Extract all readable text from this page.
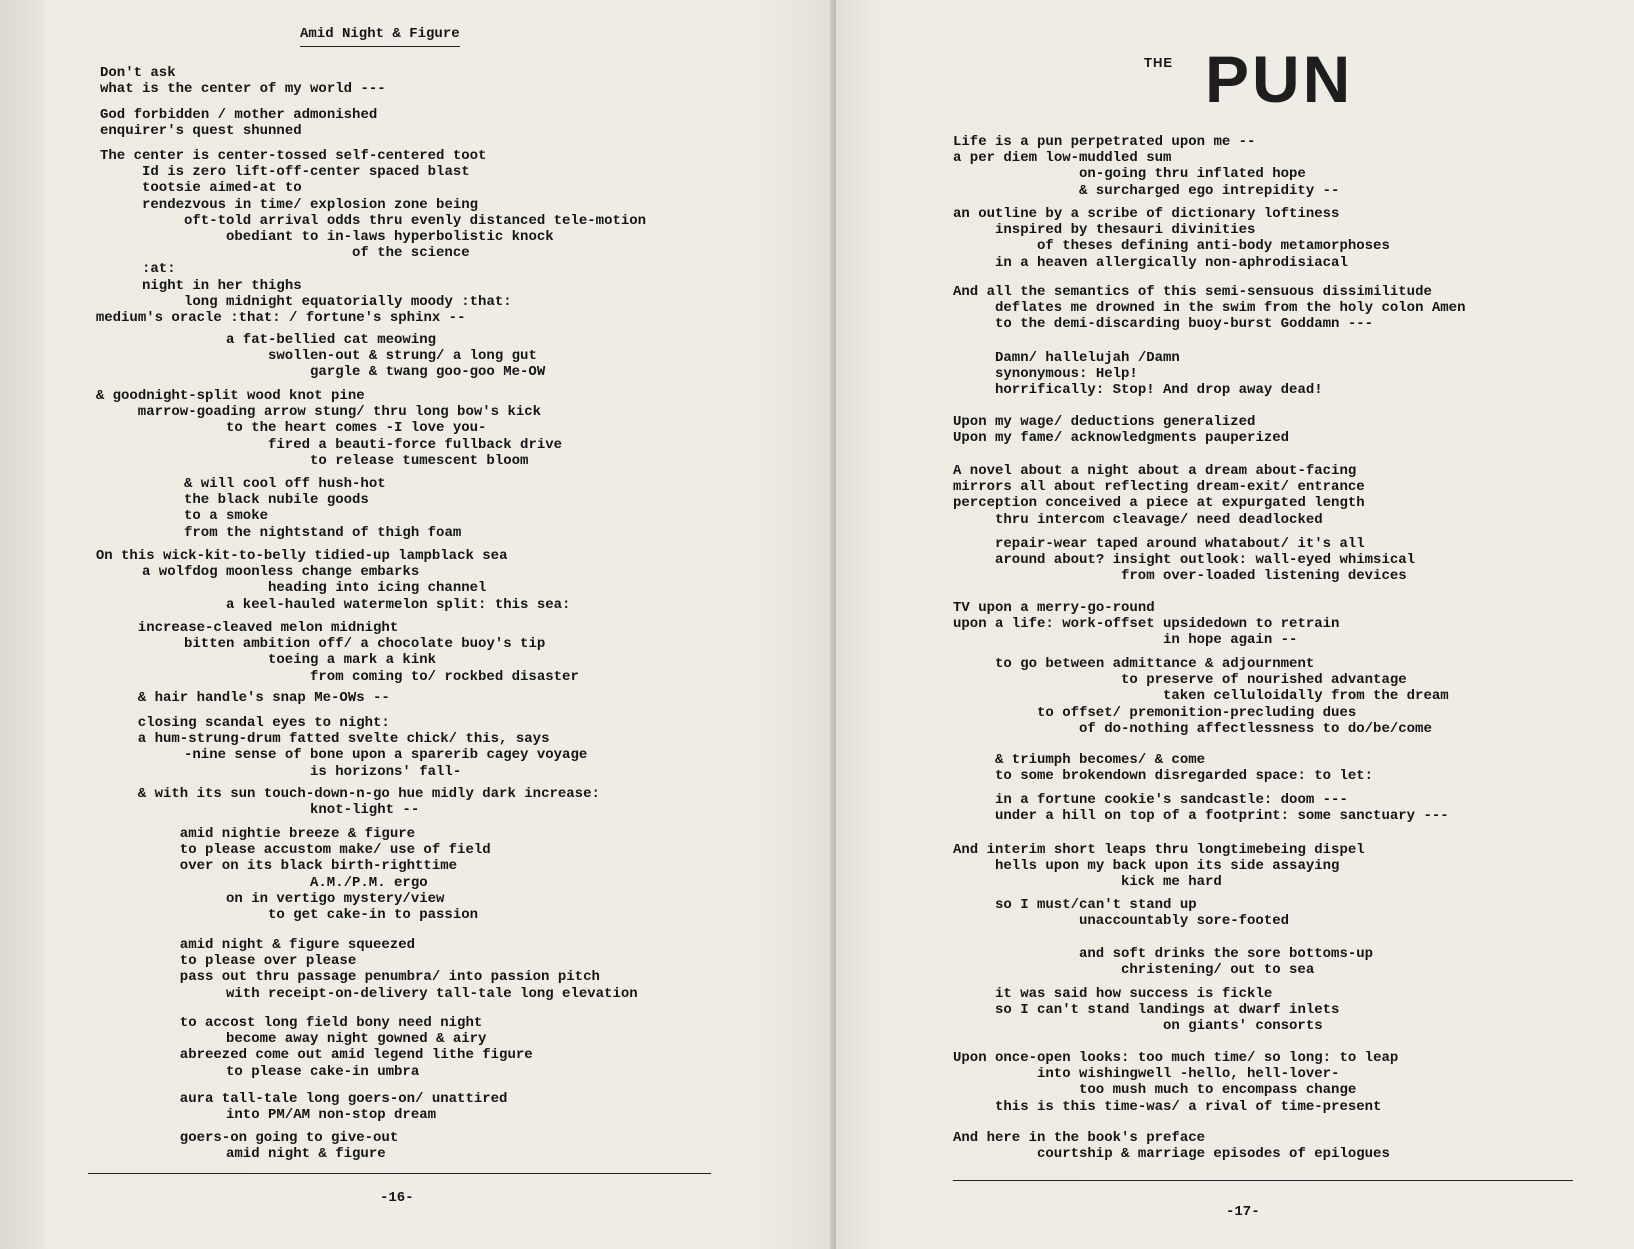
Amid Night & Figure
Don't ask
what is the center of my world ---
God forbidden / mother admonished
enquirer's quest shunned
The center is center-tossed self-centered toot
Id is zero lift-off-center spaced blast
tootsie aimed-at to
rendezvous in time/ explosion zone being
oft-told arrival odds thru evenly distanced tele-motion
obediant to in-laws hyperbolistic knock
of the science
:at:
night in her thighs
long midnight equatorially moody :that:
medium's oracle :that: / fortune's sphinx --
a fat-bellied cat meowing
swollen-out & strung/ a long gut
gargle & twang goo-goo Me-OW
& goodnight-split wood knot pine
marrow-goading arrow stung/ thru long bow's kick
to the heart comes -I love you-
fired a beauti-force fullback drive
to release tumescent bloom
& will cool off hush-hot
the black nubile goods
to a smoke
from the nightstand of thigh foam
On this wick-kit-to-belly tidied-up lampblack sea
a wolfdog moonless change embarks
heading into icing channel
a keel-hauled watermelon split: this sea:
increase-cleaved melon midnight
bitten ambition off/ a chocolate buoy's tip
toeing a mark a kink
from coming to/ rockbed disaster
& hair handle's snap Me-OWs --
closing scandal eyes to night:
a hum-strung-drum fatted svelte chick/ this, says
-nine sense of bone upon a sparerib cagey voyage
is horizons' fall-
& with its sun touch-down-n-go hue midly dark increase:
knot-light --
amid nightie breeze & figure
to please accustom make/ use of field
over on its black birth-righttime
A.M./P.M. ergo
on in vertigo mystery/view
to get cake-in to passion
amid night & figure squeezed
to please over please
pass out thru passage penumbra/ into passion pitch
with receipt-on-delivery tall-tale long elevation
to accost long field bony need night
become away night gowned & airy
abreezed come out amid legend lithe figure
to please cake-in umbra
aura tall-tale long goers-on/ unattired
into PM/AM non-stop dream
goers-on going to give-out
amid night & figure
-16-
Life is a pun perpetrated upon me --
a per diem low-muddled sum
on-going thru inflated hope
& surcharged ego intrepidity --
an outline by a scribe of dictionary loftiness
inspired by thesauri divinities
of theses defining anti-body metamorphoses
in a heaven allergically non-aphrodisiacal
And all the semantics of this semi-sensuous dissimilitude
deflates me drowned in the swim from the holy colon Amen
to the demi-discarding buoy-burst Goddamn ---
Damn/ hallelujah /Damn
synonymous: Help!
horrifically: Stop! And drop away dead!
Upon my wage/ deductions generalized
Upon my fame/ acknowledgments pauperized
A novel about a night about a dream about-facing
mirrors all about reflecting dream-exit/ entrance
perception conceived a piece at expurgated length
thru intercom cleavage/ need deadlocked
repair-wear taped around whatabout/ it's all
around about? insight outlook: wall-eyed whimsical
from over-loaded listening devices
TV upon a merry-go-round
upon a life: work-offset upsidedown to retrain
in hope again --
to go between admittance & adjournment
to preserve of nourished advantage
taken celluloidally from the dream
to offset/ premonition-precluding dues
of do-nothing affectlessness to do/be/come
& triumph becomes/ & come
to some brokendown disregarded space: to let:
in a fortune cookie's sandcastle: doom ---
under a hill on top of a footprint: some sanctuary ---
And interim short leaps thru longtimebeing dispel
hells upon my back upon its side assaying
kick me hard
so I must/can't stand up
unaccountably sore-footed
and soft drinks the sore bottoms-up
christening/ out to sea
it was said how success is fickle
so I can't stand landings at dwarf inlets
on giants' consorts
Upon once-open looks: too much time/ so long: to leap
into wishingwell -hello, hell-lover-
too mush much to encompass change
this is this time-was/ a rival of time-present
And here in the book's preface
courtship & marriage episodes of epilogues
-17-
THE PUN
